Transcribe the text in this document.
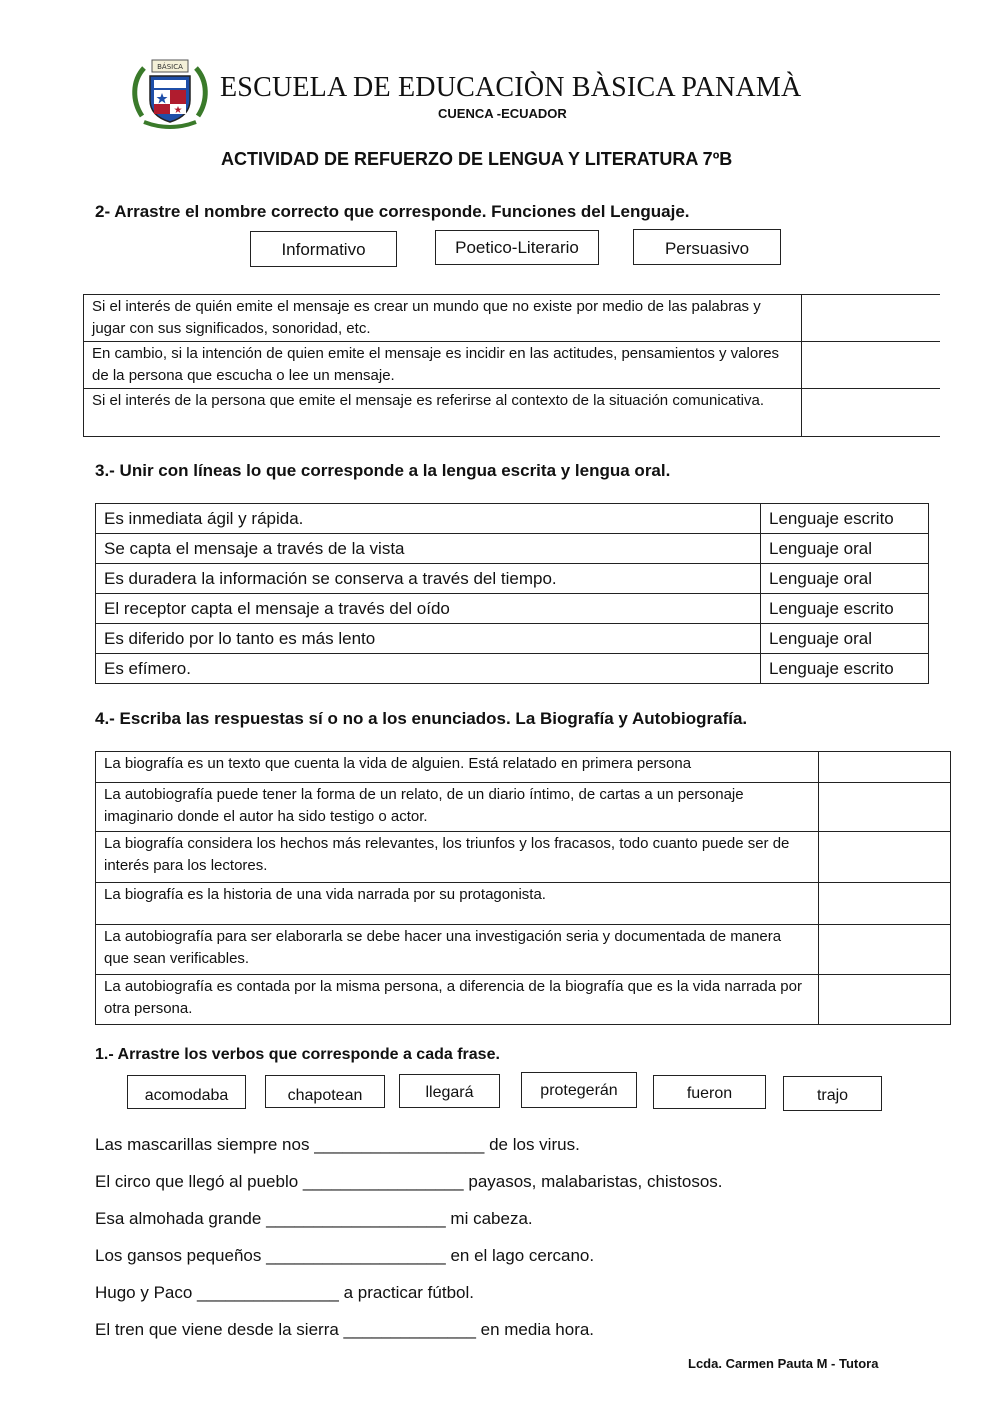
BÁSICA
ESCUELA DE EDUCACIÒN BÀSICA PANAMÀ
CUENCA -ECUADOR
ACTIVIDAD DE REFUERZO DE LENGUA Y LITERATURA 7ºB
2- Arrastre el nombre correcto que corresponde. Funciones del Lenguaje.
Informativo	Poetico-Literario	Persuasivo
Si el interés de quién emite el mensaje es crear un mundo que no existe por medio de las palabras y jugar con sus significados, sonoridad, etc.	
En cambio, si la intención de quien emite el mensaje es incidir en las actitudes, pensamientos y valores de la persona que escucha o lee un mensaje.	
Si el interés de la persona que emite el mensaje es referirse al contexto de la situación comunicativa.	
3.- Unir con líneas lo que corresponde a la lengua escrita y lengua oral.
Es inmediata ágil y rápida.	Lenguaje escrito
Se capta el mensaje a través de la vista	Lenguaje oral
Es duradera la información se conserva a través del tiempo.	Lenguaje oral
El receptor capta el mensaje a través del oído	Lenguaje escrito
Es diferido por lo tanto es más lento	Lenguaje oral
Es efímero.	Lenguaje escrito
4.- Escriba las respuestas sí o no a los enunciados. La Biografía y Autobiografía.
La biografía es un texto que cuenta la vida de alguien. Está relatado en primera persona	
La autobiografía puede tener la forma de un relato, de un diario íntimo, de cartas a un personaje imaginario donde el autor ha sido testigo o actor.	
La biografía considera los hechos más relevantes, los triunfos y los fracasos, todo cuanto puede ser de interés para los lectores.	
La biografía es la historia de una vida narrada por su protagonista.	
La autobiografía para ser elaborarla se debe hacer una investigación seria y documentada de manera que sean verificables.	
La autobiografía es contada por la misma persona, a diferencia de la biografía que es la vida narrada por otra persona.	
1.- Arrastre los verbos que corresponde a cada frase.
acomodaba	chapotean	llegará	protegerán	fueron	trajo
Las mascarillas siempre nos __________________ de los virus.
El circo que llegó al pueblo _________________ payasos, malabaristas, chistosos.
Esa almohada grande ___________________ mi cabeza.
Los gansos pequeños ___________________ en el lago cercano.
Hugo y Paco _______________ a practicar fútbol.
El tren que viene desde la sierra ______________ en media hora.
Lcda. Carmen Pauta M - Tutora
